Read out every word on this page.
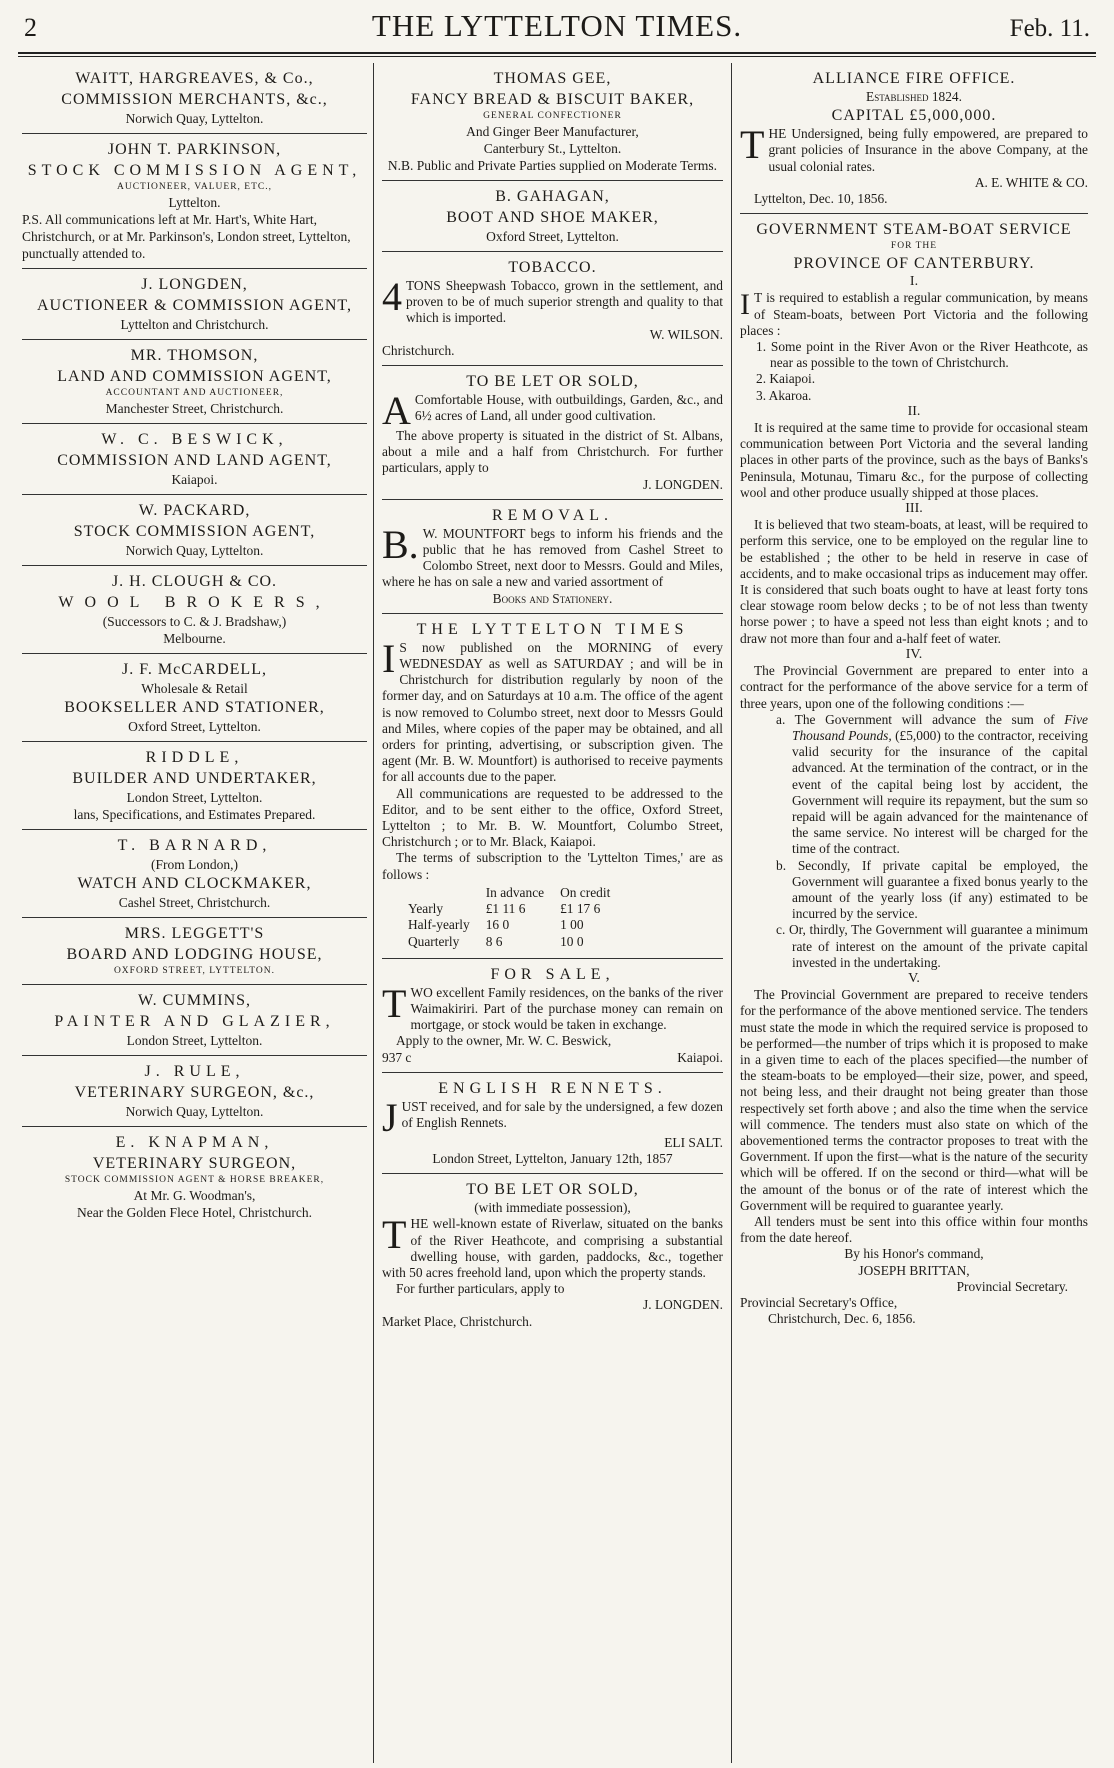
2	THE LYTTELTON TIMES.	Feb. 11.
WAITT, HARGREAVES, & Co.,
COMMISSION MERCHANTS, &c.,
Norwich Quay, Lyttelton.
JOHN T. PARKINSON,
STOCK COMMISSION AGENT,
AUCTIONEER, VALUER, ETC.,
Lyttelton.
P.S. All communications left at Mr. Hart's, White Hart, Christchurch, or at Mr. Parkinson's, London street, Lyttelton, punctually attended to.
J. LONGDEN,
AUCTIONEER & COMMISSION AGENT,
Lyttelton and Christchurch.
MR. THOMSON,
LAND AND COMMISSION AGENT,
ACCOUNTANT AND AUCTIONEER,
Manchester Street, Christchurch.
W. C. BESWICK,
COMMISSION AND LAND AGENT,
Kaiapoi.
W. PACKARD,
STOCK COMMISSION AGENT,
Norwich Quay, Lyttelton.
J. H. CLOUGH & CO.
WOOL BROKERS,
(Successors to C. & J. Bradshaw,)
Melbourne.
J. F. McCARDELL,
Wholesale & Retail
BOOKSELLER AND STATIONER,
Oxford Street, Lyttelton.
RIDDLE,
BUILDER AND UNDERTAKER,
London Street, Lyttelton.
lans, Specifications, and Estimates Prepared.
T. BARNARD,
(From London,)
WATCH AND CLOCKMAKER,
Cashel Street, Christchurch.
MRS. LEGGETT'S
BOARD AND LODGING HOUSE,
OXFORD STREET, LYTTELTON.
W. CUMMINS,
PAINTER AND GLAZIER,
London Street, Lyttelton.
J. RULE,
VETERINARY SURGEON, &c.,
Norwich Quay, Lyttelton.
E. KNAPMAN,
VETERINARY SURGEON,
STOCK COMMISSION AGENT & HORSE BREAKER,
At Mr. G. Woodman's,
Near the Golden Flece Hotel, Christchurch.
THOMAS GEE,
FANCY BREAD & BISCUIT BAKER,
GENERAL CONFECTIONER
And Ginger Beer Manufacturer,
Canterbury St., Lyttelton.
N.B. Public and Private Parties supplied on Moderate Terms.
B. GAHAGAN,
BOOT AND SHOE MAKER,
Oxford Street, Lyttelton.
TOBACCO.
4 TONS Sheepwash Tobacco, grown in the settlement, and proven to be of much superior strength and quality to that which is imported.
W. WILSON.
Christchurch.
TO BE LET OR SOLD,
A Comfortable House, with outbuildings, Garden, &c., and 6½ acres of Land, all under good cultivation.
The above property is situated in the district of St. Albans, about a mile and a half from Christchurch. For further particulars, apply to
J. LONGDEN.
REMOVAL.
B. W. MOUNTFORT begs to inform his friends and the public that he has removed from Cashel Street to Colombo Street, next door to Messrs. Gould and Miles, where he has on sale a new and varied assortment of
Books and Stationery.
THE LYTTELTON TIMES
I S now published on the MORNING of every WEDNESDAY as well as SATURDAY ; and will be in Christchurch for distribution regularly by noon of the former day, and on Saturdays at 10 a.m. The office of the agent is now removed to Columbo street, next door to Messrs Gould and Miles, where copies of the paper may be obtained, and all orders for printing, advertising, or subscription given. The agent (Mr. B. W. Mountfort) is authorised to receive payments for all accounts due to the paper.
All communications are requested to be addressed to the Editor, and to be sent either to the office, Oxford Street, Lyttelton ; to Mr. B. W. Mountfort, Columbo Street, Christchurch ; or to Mr. Black, Kaiapoi.
The terms of subscription to the 'Lyttelton Times,' are as follows :
	In advance	On credit
Yearly	£1 11 6	£1 17 6
Half-yearly	16 0	1 00
Quarterly	8 6	10 0
FOR SALE,
TWO excellent Family residences, on the banks of the river Waimakiriri. Part of the purchase money can remain on mortgage, or stock would be taken in exchange.
Apply to the owner, Mr. W. C. Beswick,
937 c	Kaiapoi.
ENGLISH RENNETS.
JUST received, and for sale by the undersigned, a few dozen of English Rennets.
ELI SALT.
London Street, Lyttelton, January 12th, 1857
TO BE LET OR SOLD,
(with immediate possession),
THE well-known estate of Riverlaw, situated on the banks of the River Heathcote, and comprising a substantial dwelling house, with garden, paddocks, &c., together with 50 acres freehold land, upon which the property stands.
For further particulars, apply to
J. LONGDEN.
Market Place, Christchurch.
ALLIANCE FIRE OFFICE.
Established 1824.
CAPITAL £5,000,000.
THE Undersigned, being fully empowered, are prepared to grant policies of Insurance in the above Company, at the usual colonial rates.
A. E. WHITE & CO.
Lyttelton, Dec. 10, 1856.
GOVERNMENT STEAM-BOAT SERVICE
FOR THE
PROVINCE OF CANTERBURY.
I.
I T is required to establish a regular communication, by means of Steam-boats, between Port Victoria and the following places :
1. Some point in the River Avon or the River Heathcote, as near as possible to the town of Christchurch.
2. Kaiapoi.
3. Akaroa.
II.
It is required at the same time to provide for occasional steam communication between Port Victoria and the several landing places in other parts of the province, such as the bays of Banks's Peninsula, Motunau, Timaru &c., for the purpose of collecting wool and other produce usually shipped at those places.
III.
It is believed that two steam-boats, at least, will be required to perform this service, one to be employed on the regular line to be established ; the other to be held in reserve in case of accidents, and to make occasional trips as inducement may offer. It is considered that such boats ought to have at least forty tons clear stowage room below decks ; to be of not less than twenty horse power ; to have a speed not less than eight knots ; and to draw not more than four and a-half feet of water.
IV.
The Provincial Government are prepared to enter into a contract for the performance of the above service for a term of three years, upon one of the following conditions :—
a. The Government will advance the sum of Five Thousand Pounds, (£5,000) to the contractor, receiving valid security for the insurance of the capital advanced. At the termination of the contract, or in the event of the capital being lost by accident, the Government will require its repayment, but the sum so repaid will be again advanced for the maintenance of the same service. No interest will be charged for the time of the contract.
b. Secondly, If private capital be employed, the Government will guarantee a fixed bonus yearly to the amount of the yearly loss (if any) estimated to be incurred by the service.
c. Or, thirdly, The Government will guarantee a minimum rate of interest on the amount of the private capital invested in the undertaking.
V.
The Provincial Government are prepared to receive tenders for the performance of the above mentioned service. The tenders must state the mode in which the required service is proposed to be performed—the number of trips which it is proposed to make in a given time to each of the places specified—the number of the steam-boats to be employed—their size, power, and speed, not being less, and their draught not being greater than those respectively set forth above ; and also the time when the service will commence. The tenders must also state on which of the abovementioned terms the contractor proposes to treat with the Government. If upon the first—what is the nature of the security which will be offered. If on the second or third—what will be the amount of the bonus or of the rate of interest which the Government will be required to guarantee yearly.
All tenders must be sent into this office within four months from the date hereof.
By his Honor's command,
JOSEPH BRITTAN,
Provincial Secretary.
Provincial Secretary's Office,
Christchurch, Dec. 6, 1856.
